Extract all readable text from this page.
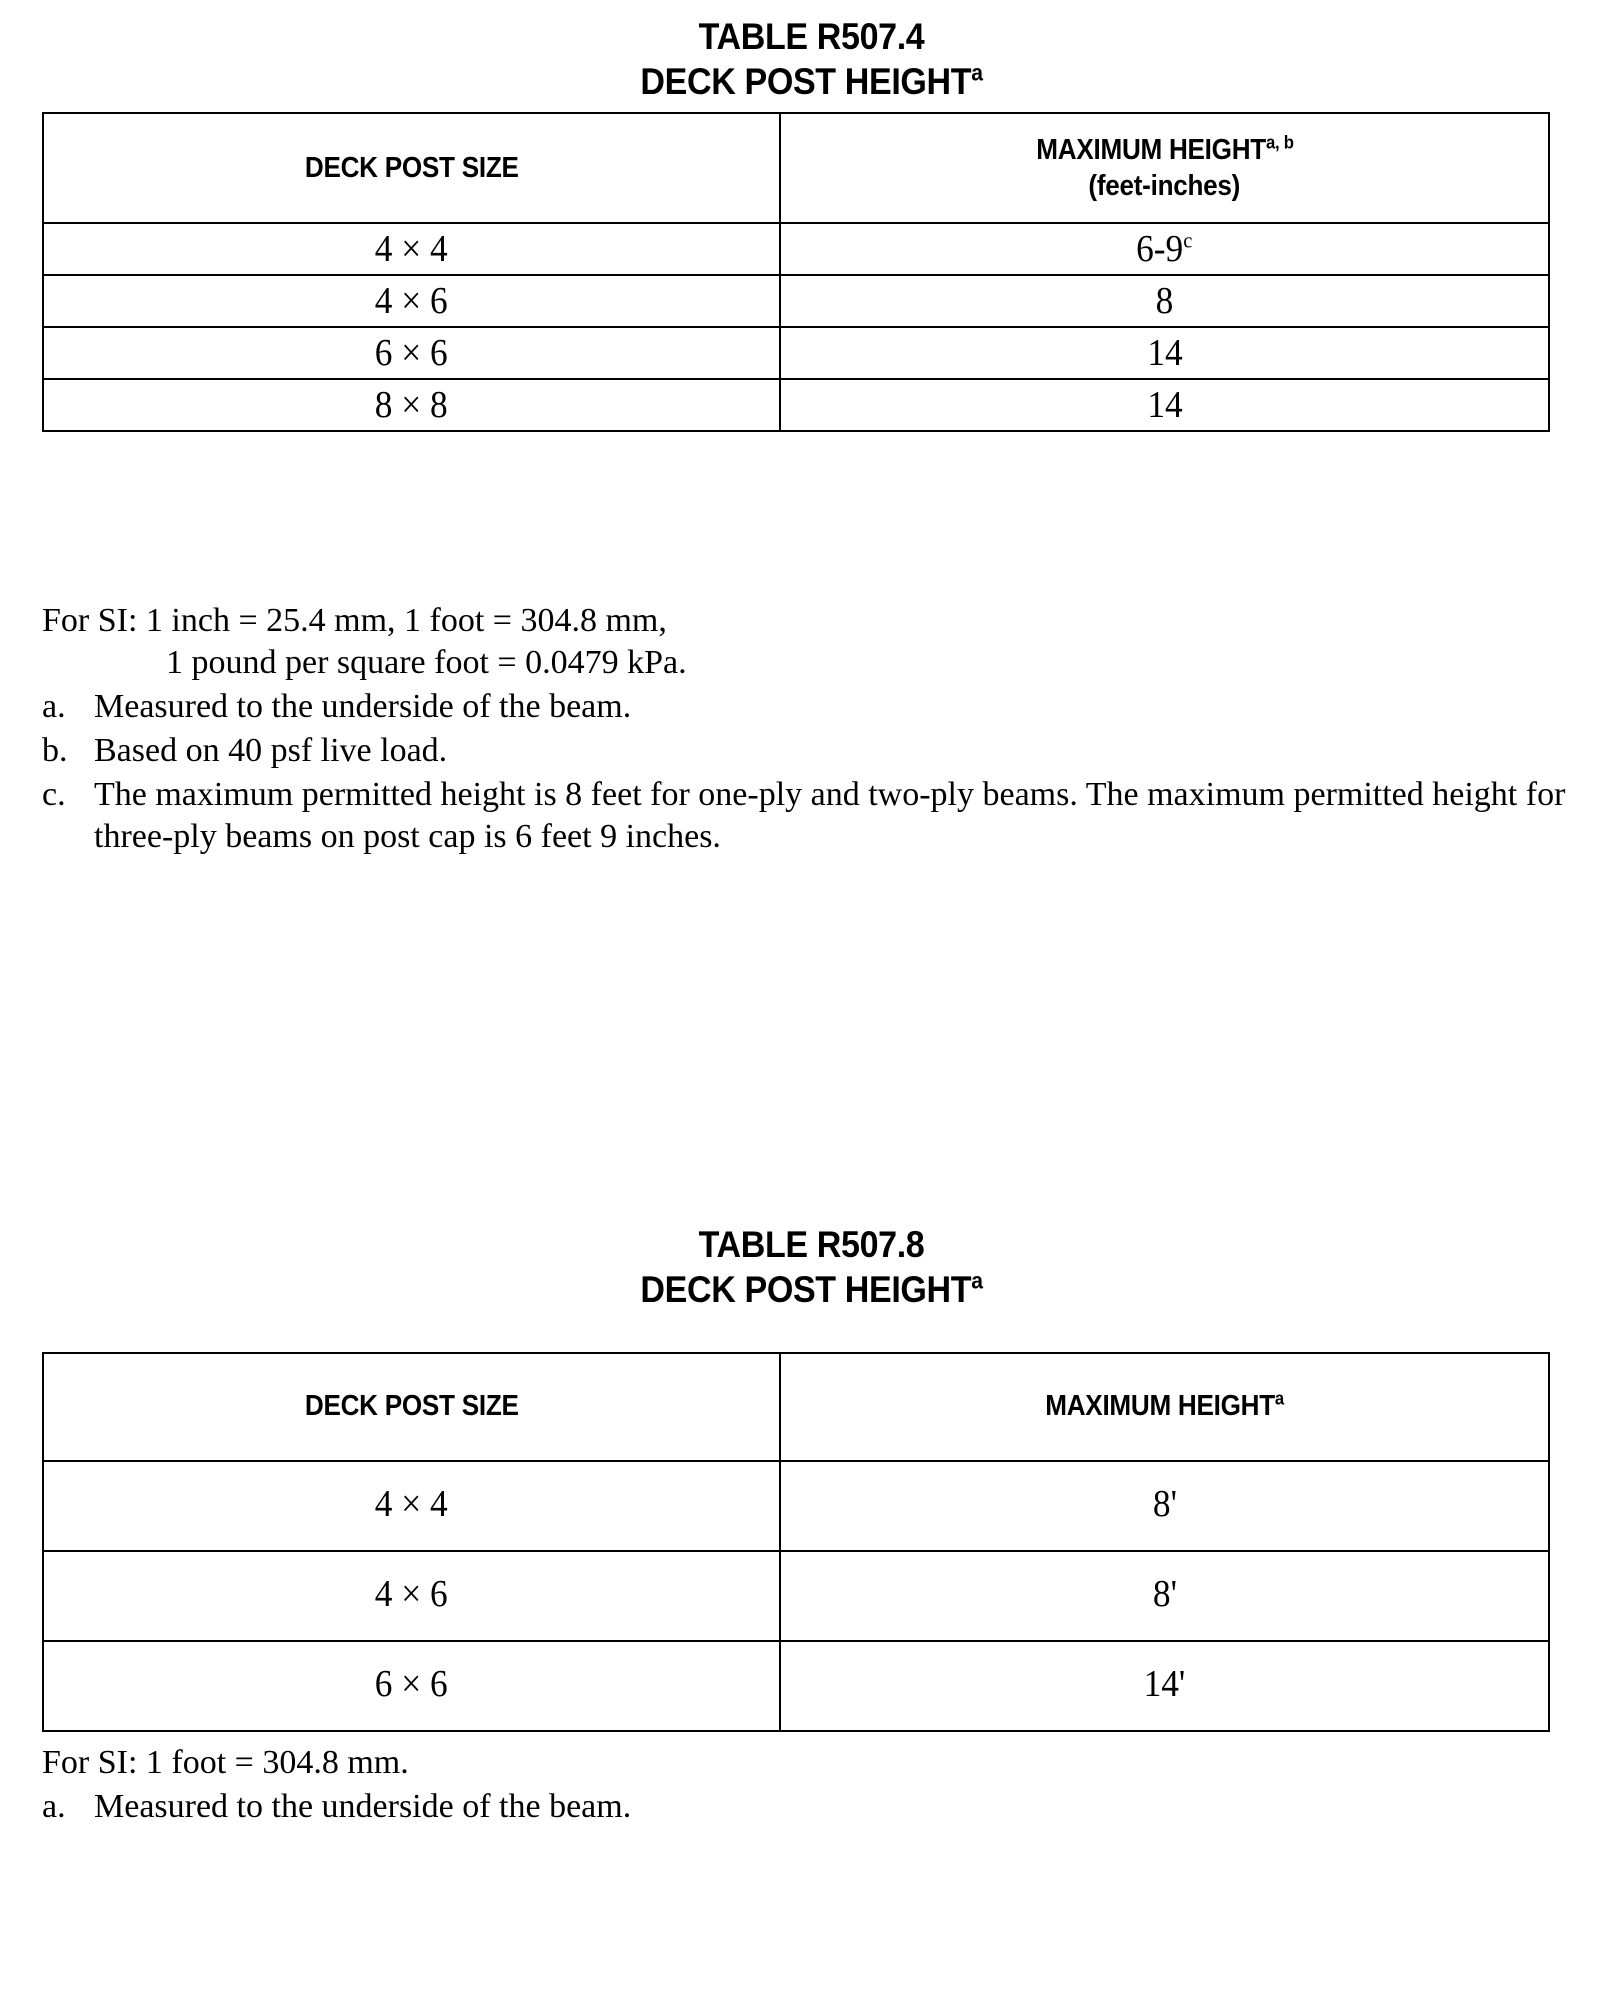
TABLE R507.4
DECK POST HEIGHT$^a$
DECK POST SIZE	MAXIMUM HEIGHT$^{a, b}$
(feet-inches)
4 × 4	6-9$^c$
4 × 6	8
6 × 6	14
8 × 8	14
For SI: 1 inch = 25.4 mm, 1 foot = 304.8 mm,
1 pound per square foot = 0.0479 kPa.
a. Measured to the underside of the beam.
b. Based on 40 psf live load.
c. The maximum permitted height is 8 feet for one-ply and two-ply beams. The maximum permitted height for three-ply beams on post cap is 6 feet 9 inches.
TABLE R507.8
DECK POST HEIGHT$^a$
DECK POST SIZE	MAXIMUM HEIGHT$^a$
4 × 4	8'
4 × 6	8'
6 × 6	14'
For SI: 1 foot = 304.8 mm.
a. Measured to the underside of the beam.
